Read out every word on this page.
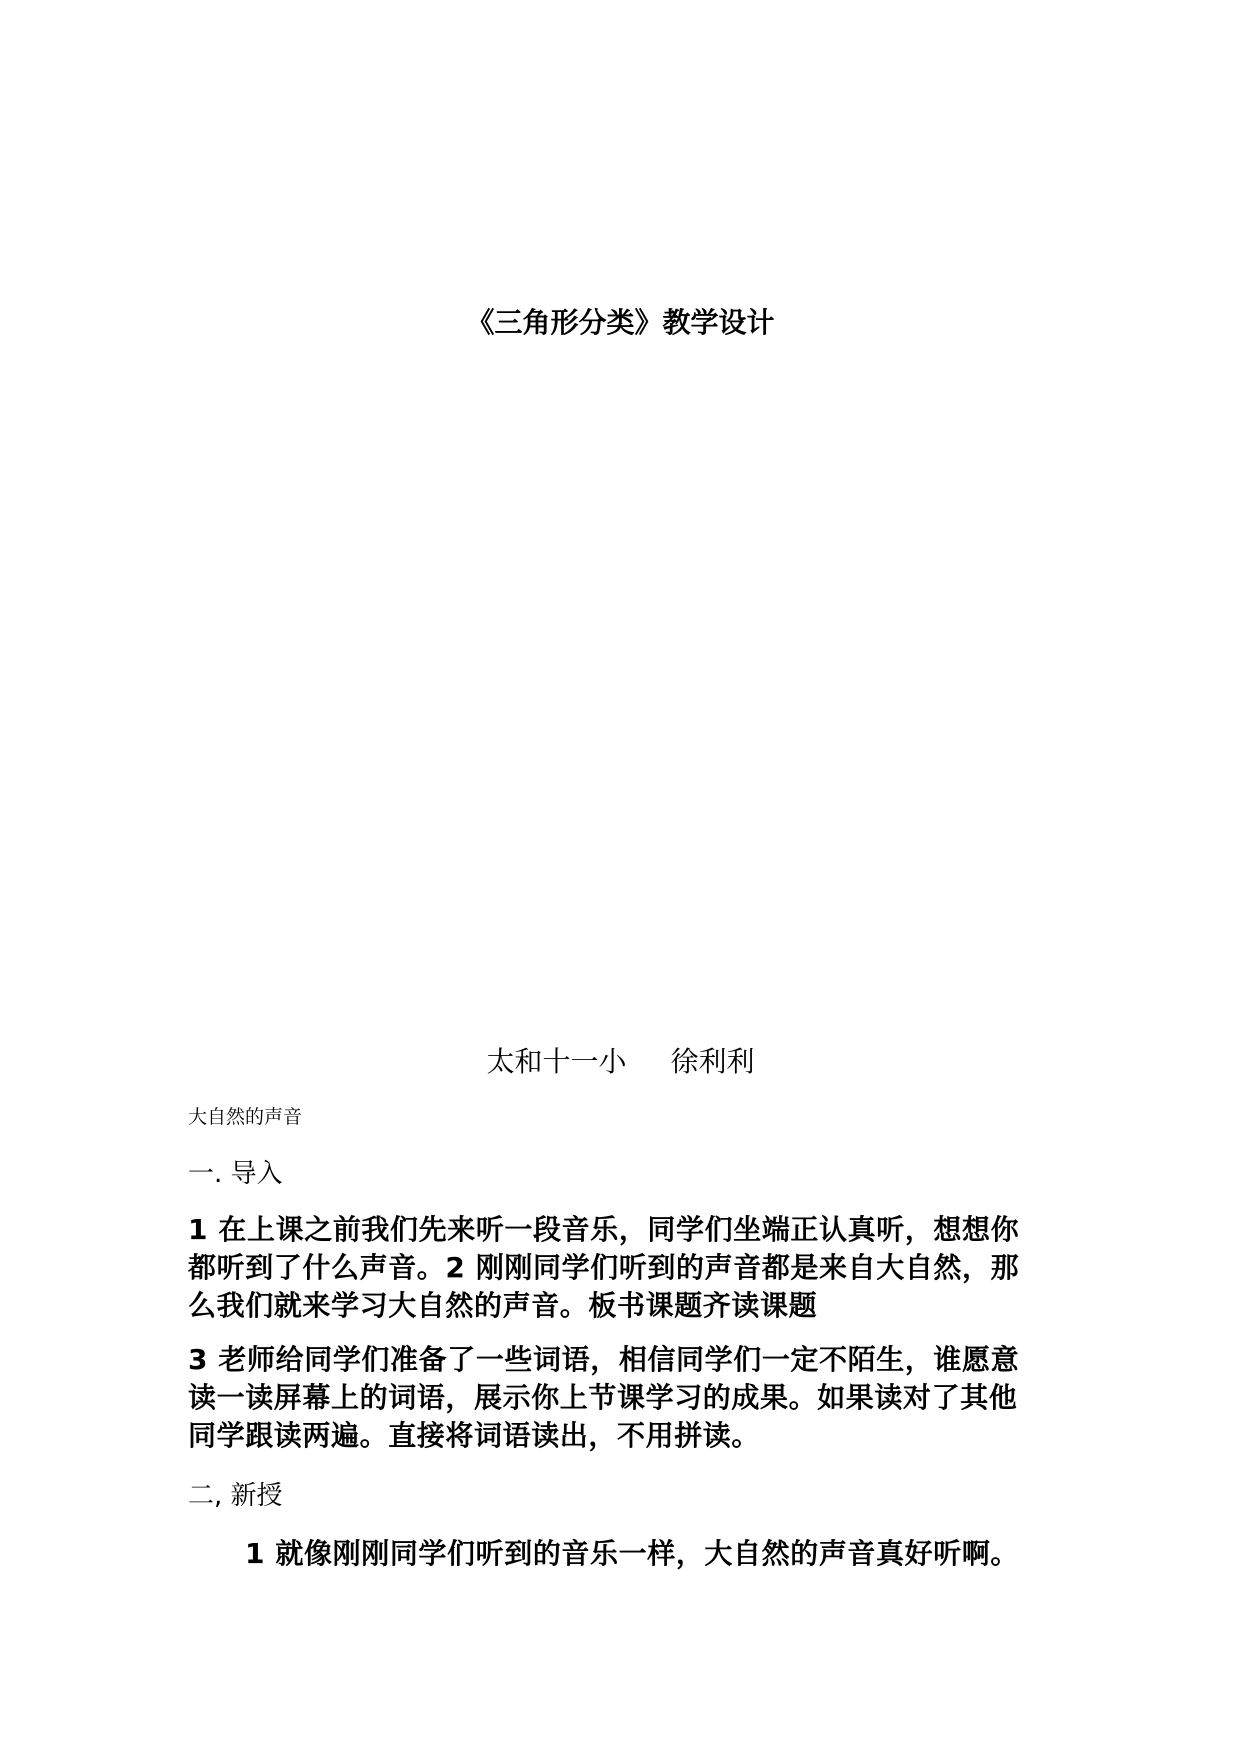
《三角形分类》教学设计
太和十一小 徐利利
大自然的声音
一. 导入
1 在上课之前我们先来听一段音乐，同学们坐端正认真听，想想你
都听到了什么声音。2 刚刚同学们听到的声音都是来自大自然，那
么我们就来学习大自然的声音。板书课题齐读课题
3 老师给同学们准备了一些词语，相信同学们一定不陌生，谁愿意
读一读屏幕上的词语，展示你上节课学习的成果。如果读对了其他
同学跟读两遍。直接将词语读出，不用拼读。
二, 新授
1 就像刚刚同学们听到的音乐一样，大自然的声音真好听啊。
